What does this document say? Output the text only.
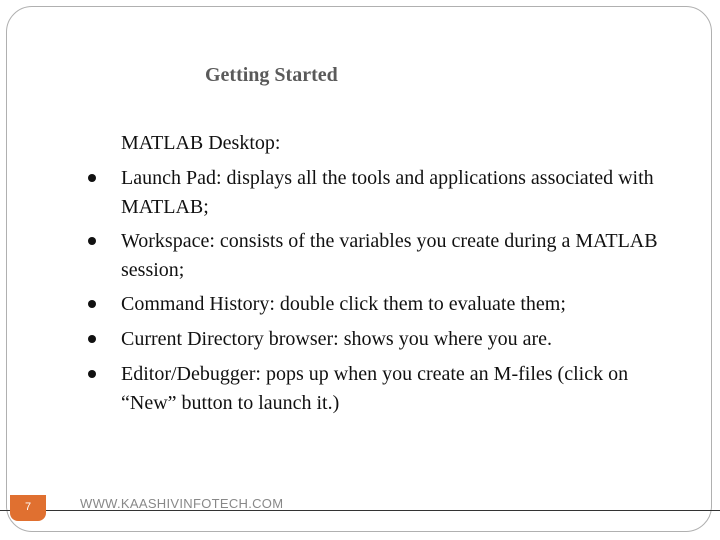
Getting Started
MATLAB Desktop:
Launch Pad: displays all the tools and applications associated with MATLAB;
Workspace: consists of the variables you create during a MATLAB session;
Command History: double click them to evaluate them;
Current Directory browser: shows you where you are.
Editor/Debugger: pops up when you create an M-files (click on “New” button to launch it.)
7	WWW.KAASHIVINFOTECH.COM
